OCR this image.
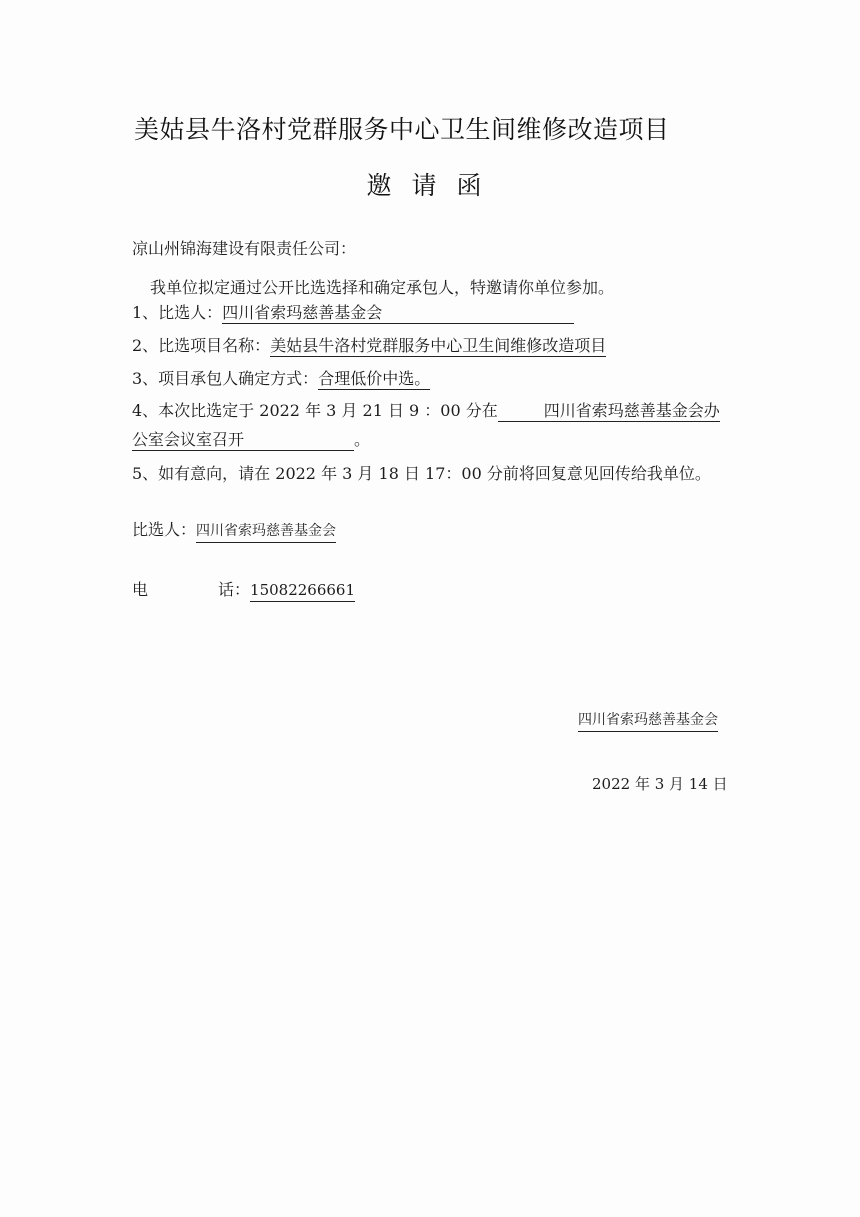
美姑县牛洛村党群服务中心卫生间维修改造项目
邀请函
凉山州锦海建设有限责任公司：
我单位拟定通过公开比选选择和确定承包人，特邀请你单位参加。
1、比选人：四川省索玛慈善基金会
2、比选项目名称：美姑县牛洛村党群服务中心卫生间维修改造项目
3、项目承包人确定方式：合理低价中选。
4、本次比选定于 2022 年 3 月 21 日 9 ：00 分在	四川省索玛慈善基金会办
公室会议室召开	。
5、如有意向，请在 2022 年 3 月 18 日 17：00 分前将回复意见回传给我单位。
比选人：四川省索玛慈善基金会
电	话：15082266661
四川省索玛慈善基金会
2022 年 3 月 14 日
